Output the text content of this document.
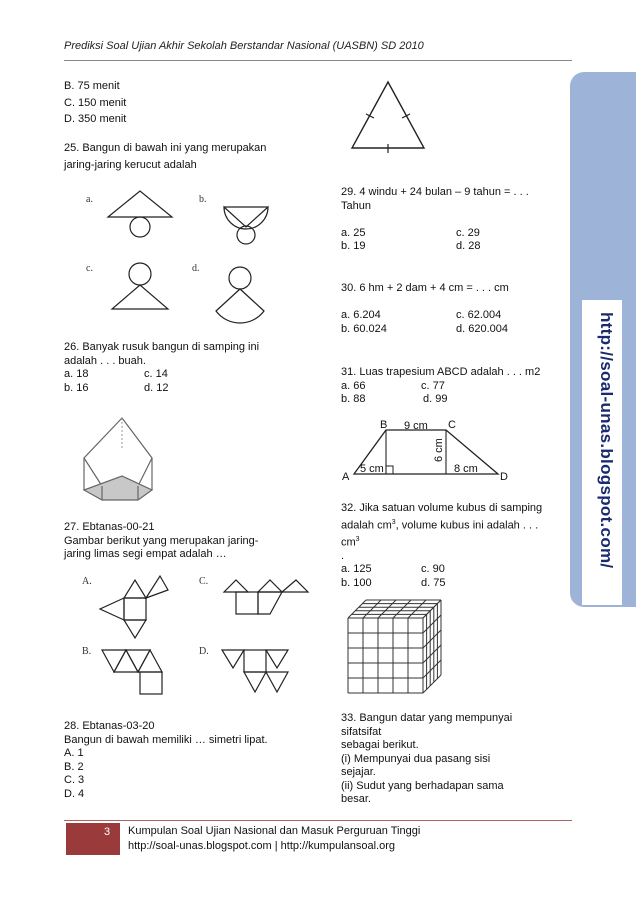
Prediksi Soal Ujian Akhir Sekolah Berstandar Nasional (UASBN) SD 2010
http://soal-unas.blogspot.com/

B. 75 menit

C. 150 menit

D. 350 menit

25. Bangun di bawah ini yang merupakan

jaring-jaring kerucut adalah

a.	b.
c.	d.
26. Banyak rusuk bangun di samping ini
adalah . . . buah.
a. 18	c. 14
b. 16	d. 12
27. Ebtanas-00-21
Gambar berikut yang merupakan jaring-
jaring limas segi empat adalah …
A.	C.
B.	D.
28. Ebtanas-03-20
Bangun di bawah memiliki … simetri lipat.
A. 1
B. 2
C. 3
D. 4
29. 4 windu + 24 bulan – 9 tahun = . . .
Tahun
a. 25	c. 29
b. 19	d. 28
30. 6 hm + 2 dam + 4 cm = . . . cm
a. 6.204	c. 62.004
b. 60.024	d. 620.004
31. Luas trapesium ABCD adalah . . . m2
a. 66	c. 77
b. 88	d. 99
B	C
A	D
9 cm
5 cm	8 cm
6 cm
32. Jika satuan volume kubus di samping
adalah $cm^3$, volume kubus ini adalah . . .
$cm^3$
.
a. 125	c. 90
b. 100	d. 75
33. Bangun datar yang mempunyai
sifatsifat
sebagai berikut.
(i) Mempunyai dua pasang sisi
sejajar.
(ii) Sudut yang berhadapan sama
besar.
3 Kumpulan Soal Ujian Nasional dan Masuk Perguruan Tinggi
http://soal-unas.blogspot.com | http://kumpulansoal.org
